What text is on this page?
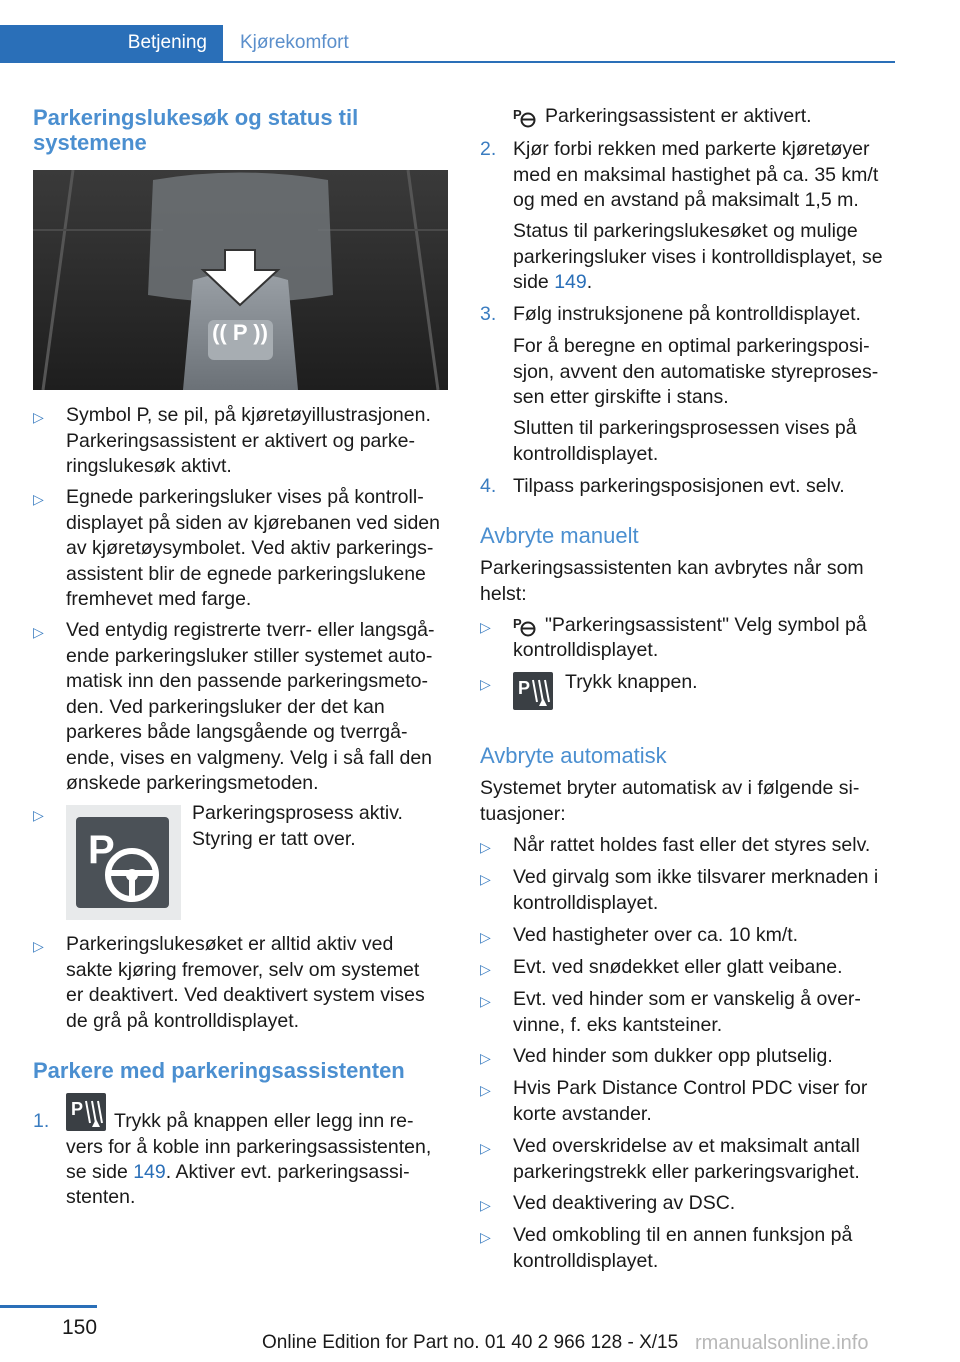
Betjening	Kjørekomfort
Parkeringslukesøk og status til
systemene
(( P ))
▷ Symbol P, se pil, på kjøretøyillustrasjonen.
Parkeringsassistent er aktivert og parke-
ringslukesøk aktivt.
▷ Egnede parkeringsluker vises på kontroll-
displayet på siden av kjørebanen ved siden
av kjøretøysymbolet. Ved aktiv parkerings-
assistent blir de egnede parkeringslukene
fremhevet med farge.
▷ Ved entydig registrerte tverr- eller langsgå-
ende parkeringsluker stiller systemet auto-
matisk inn den passende parkeringsmeto-
den. Ved parkeringsluker der det kan
parkeres både langsgående og tverrgå-
ende, vises en valgmeny. Velg i så fall den
ønskede parkeringsmetoden.
▷
P
Parkeringsprosess aktiv.
Styring er tatt over.
▷ Parkeringslukesøket er alltid aktiv ved
sakte kjøring fremover, selv om systemet
er deaktivert. Ved deaktivert system vises
de grå på kontrolldisplayet.
Parkere med parkeringsassistenten
1.
P
Trykk på knappen eller legg inn re-
vers for å koble inn parkeringsassistenten,
se side 149. Aktiver evt. parkeringsassi-
stenten.
P Parkeringsassistent er aktivert.
2. Kjør forbi rekken med parkerte kjøretøyer
med en maksimal hastighet på ca. 35 km/t
og med en avstand på maksimalt 1,5 m.
Status til parkeringslukesøket og mulige
parkeringsluker vises i kontrolldisplayet, se
side 149.
3. Følg instruksjonene på kontrolldisplayet.
For å beregne en optimal parkeringsposi-
sjon, avvent den automatiske styreproses-
sen etter girskifte i stans.
Slutten til parkeringsprosessen vises på
kontrolldisplayet.
4. Tilpass parkeringsposisjonen evt. selv.
Avbryte manuelt
Parkeringsassistenten kan avbrytes når som
helst:
▷ P "Parkeringsassistent" Velg symbol på
kontrolldisplayet.
▷ P Trykk knappen.
Avbryte automatisk
Systemet bryter automatisk av i følgende si-
tuasjoner:
▷ Når rattet holdes fast eller det styres selv.
▷ Ved girvalg som ikke tilsvarer merknaden i
kontrolldisplayet.
▷ Ved hastigheter over ca. 10 km/t.
▷ Evt. ved snødekket eller glatt veibane.
▷ Evt. ved hinder som er vanskelig å over-
vinne, f. eks kantsteiner.
▷ Ved hinder som dukker opp plutselig.
▷ Hvis Park Distance Control PDC viser for
korte avstander.
▷ Ved overskridelse av et maksimalt antall
parkeringstrekk eller parkeringsvarighet.
▷ Ved deaktivering av DSC.
▷ Ved omkobling til en annen funksjon på
kontrolldisplayet.
150
Online Edition for Part no. 01 40 2 966 128 - X/15 rmanualsonline.info
